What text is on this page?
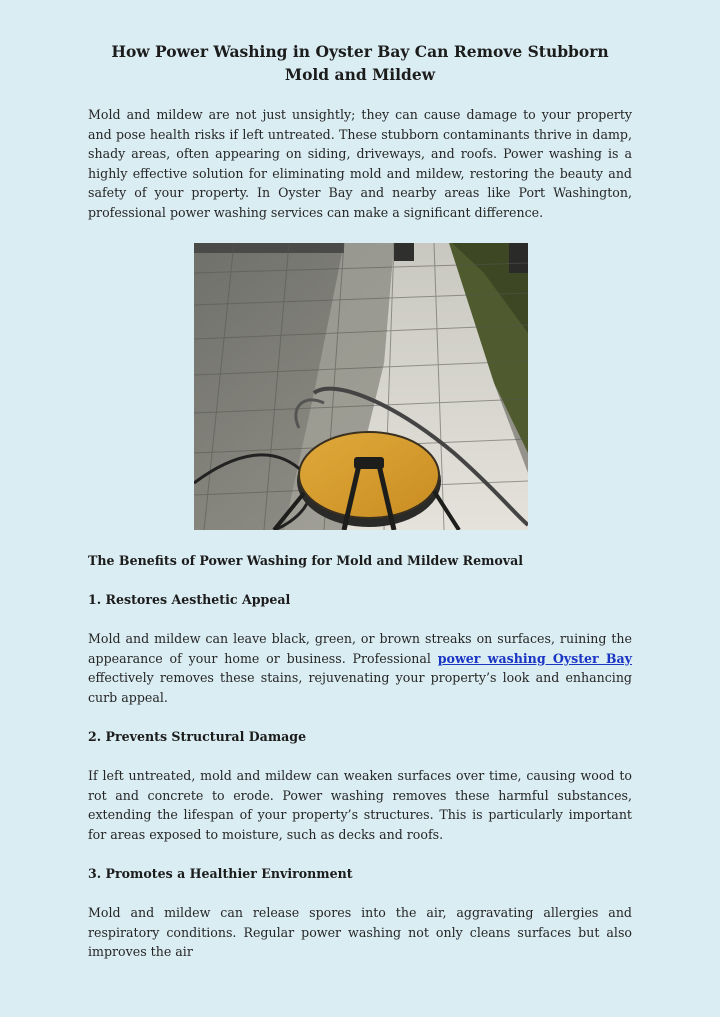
How Power Washing in Oyster Bay Can Remove Stubborn Mold and Mildew

Mold and mildew are not just unsightly; they can cause damage to your property and pose health risks if left untreated. These stubborn contaminants thrive in damp, shady areas, often appearing on siding, driveways, and roofs. Power washing is a highly effective solution for eliminating mold and mildew, restoring the beauty and safety of your property. In Oyster Bay and nearby areas like Port Washington, professional power washing services can make a significant difference.

The Benefits of Power Washing for Mold and Mildew Removal

1. Restores Aesthetic Appeal

Mold and mildew can leave black, green, or brown streaks on surfaces, ruining the appearance of your home or business. Professional power washing Oyster Bay effectively removes these stains, rejuvenating your property’s look and enhancing curb appeal.

2. Prevents Structural Damage

If left untreated, mold and mildew can weaken surfaces over time, causing wood to rot and concrete to erode. Power washing removes these harmful substances, extending the lifespan of your property’s structures. This is particularly important for areas exposed to moisture, such as decks and roofs.

3. Promotes a Healthier Environment

Mold and mildew can release spores into the air, aggravating allergies and respiratory conditions. Regular power washing not only cleans surfaces but also improves the air
